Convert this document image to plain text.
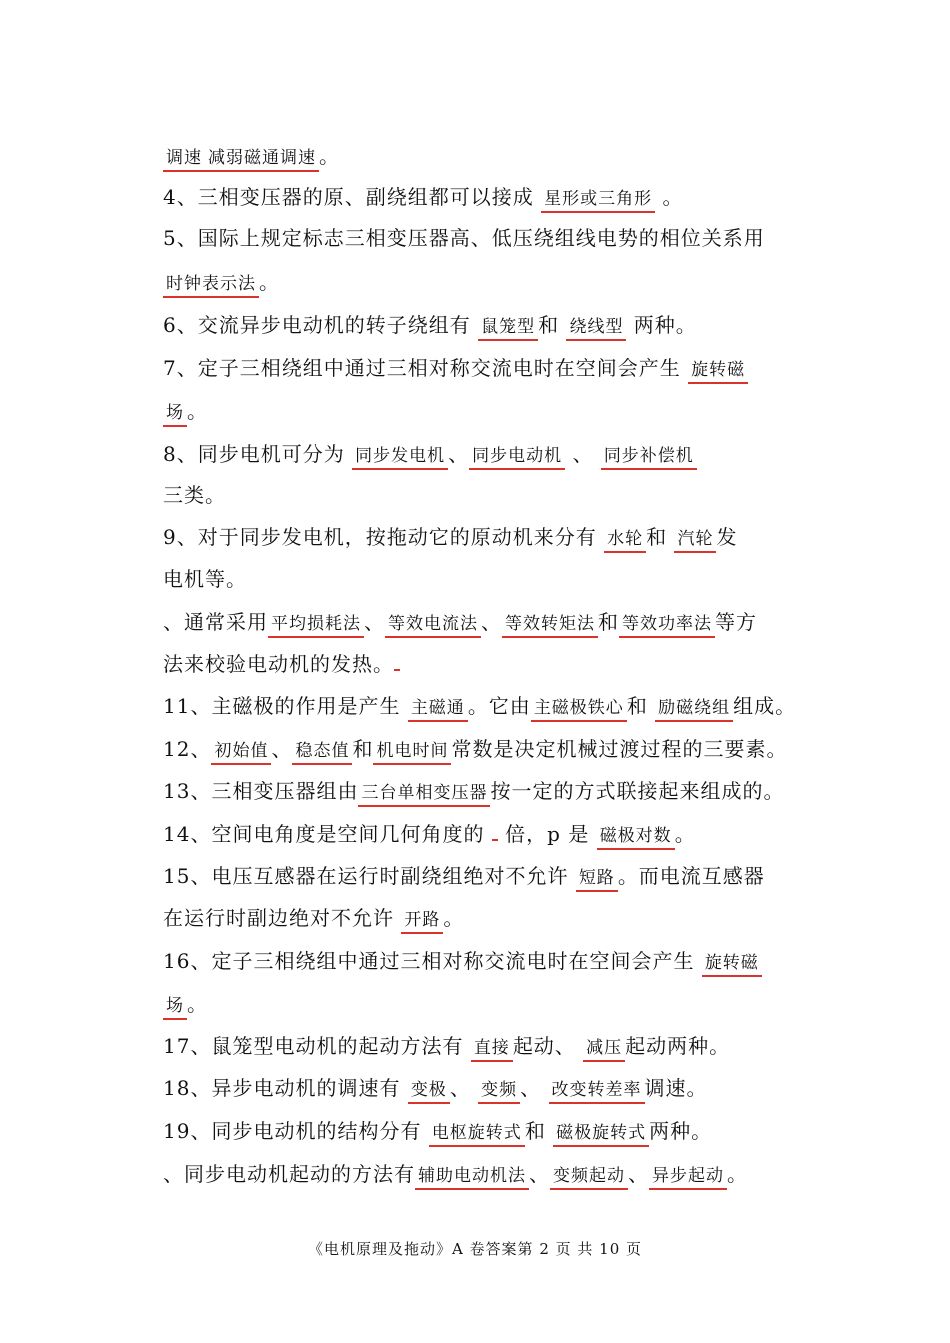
调速减弱磁通调速 。
4、三相变压器的原、副绕组都可以接成 星形或三角形 。
5、国际上规定标志三相变压器高、低压绕组线电势的相位关系用
时钟表示法。
6、交流异步电动机的转子绕组有 鼠笼型 和 绕线型 两种。
7、定子三相绕组中通过三相对称交流电时在空间会产生 旋转磁
场。
8、同步电机可分为 同步发电机、 同步电动机 、 同步补偿机
三类。
9、对于同步发电机，按拖动它的原动机来分有 水轮和 汽轮发
电机等。
、通常采用 平均损耗法 、 等效电流法 、 等效转矩法 和 等效功率法 等方
法来校验电动机的发热。
11、主磁极的作用是产生 主磁通 。它由 主磁极铁心 和 励磁绕组 组成。
12、 初始值、 稳态值 和 机电时间常数是决定机械过渡过程的三要素。
13、三相变压器组由 三台单相变压器 按一定的方式联接起来组成的。
14、空间电角度是空间几何角度的  倍，p 是 磁极对数。
15、电压互感器在运行时副绕组绝对不允许 短路 。而电流互感器
在运行时副边绝对不允许 开路。
16、定子三相绕组中通过三相对称交流电时在空间会产生 旋转磁
场。
17、鼠笼型电动机的起动方法有 直接起动、 减压起动两种。
18、异步电动机的调速有 变极、 变频 、 改变转差率调速。
19、同步电动机的结构分有 电枢旋转式和 磁极旋转式两种。
、同步电动机起动的方法有 辅助电动机法 、 变频起动 、 异步起动 。
《电机原理及拖动》A 卷答案第 2 页 共 10 页
